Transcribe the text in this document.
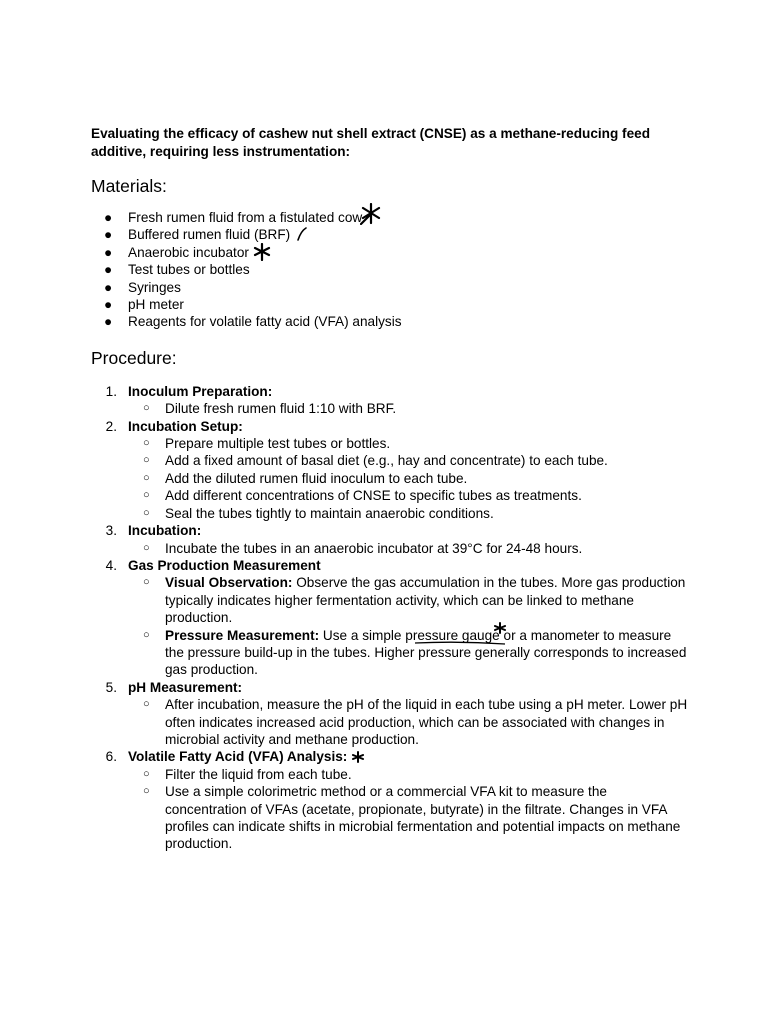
Evaluating the efficacy of cashew nut shell extract (CNSE) as a methane-reducing feed additive, requiring less instrumentation:

Materials:
● Fresh rumen fluid from a fistulated cow
● Buffered rumen fluid (BRF)
● Anaerobic incubator
● Test tubes or bottles
● Syringes
● pH meter
● Reagents for volatile fatty acid (VFA) analysis
Procedure:
1. Inoculum Preparation:
○ Dilute fresh rumen fluid 1:10 with BRF.
2. Incubation Setup:
○ Prepare multiple test tubes or bottles.
○ Add a fixed amount of basal diet (e.g., hay and concentrate) to each tube.
○ Add the diluted rumen fluid inoculum to each tube.
○ Add different concentrations of CNSE to specific tubes as treatments.
○ Seal the tubes tightly to maintain anaerobic conditions.
3. Incubation:
○ Incubate the tubes in an anaerobic incubator at 39°C for 24-48 hours.
4. Gas Production Measurement
○ Visual Observation: Observe the gas accumulation in the tubes. More gas production typically indicates higher fermentation activity, which can be linked to methane production.
○ Pressure Measurement: Use a simple pressure gauge
or a manometer to measure the pressure build-up in the tubes. Higher pressure generally corresponds to increased gas production.
5. pH Measurement:
○ After incubation, measure the pH of the liquid in each tube using a pH meter. Lower pH often indicates increased acid production, which can be associated with changes in microbial activity and methane production.
6. Volatile Fatty Acid (VFA) Analysis:
○ Filter the liquid from each tube.
○ Use a simple colorimetric method or a commercial VFA kit to measure the concentration of VFAs (acetate, propionate, butyrate) in the filtrate. Changes in VFA profiles can indicate shifts in microbial fermentation and potential impacts on methane production.
